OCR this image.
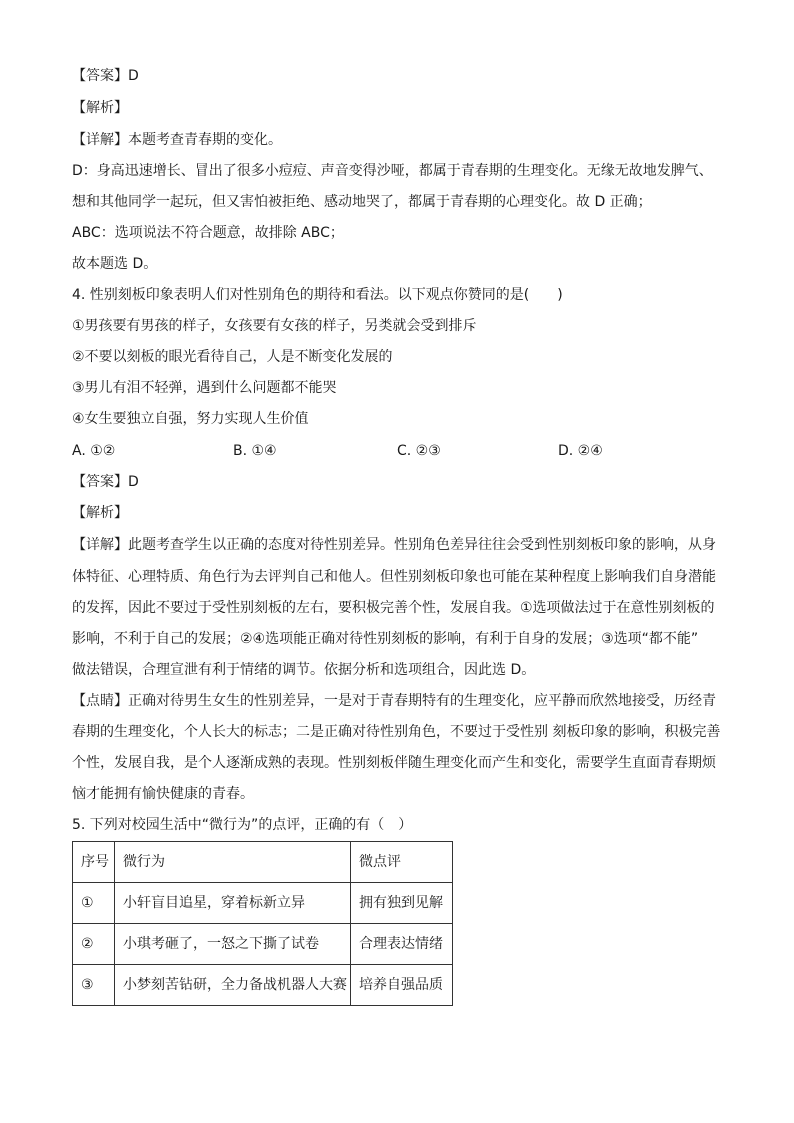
【答案】D
【解析】
【详解】本题考查青春期的变化。
D：身高迅速增长、冒出了很多小痘痘、声音变得沙哑，都属于青春期的生理变化。无缘无故地发脾气、
想和其他同学一起玩，但又害怕被拒绝、感动地哭了，都属于青春期的心理变化。故 D 正确；
ABC：选项说法不符合题意，故排除 ABC；
故本题选 D。
4. 性别刻板印象表明人们对性别角色的期待和看法。以下观点你赞同的是(　　)
①男孩要有男孩的样子，女孩要有女孩的样子，另类就会受到排斥
②不要以刻板的眼光看待自己，人是不断变化发展的
③男儿有泪不轻弹，遇到什么问题都不能哭
④女生要独立自强，努力实现人生价值
A. ①②	B. ①④	C. ②③	D. ②④
【答案】D
【解析】
【详解】此题考查学生以正确的态度对待性别差异。性别角色差异往往会受到性别刻板印象的影响，从身
体特征、心理特质、角色行为去评判自己和他人。但性别刻板印象也可能在某种程度上影响我们自身潜能
的发挥，因此不要过于受性别刻板的左右，要积极完善个性，发展自我。①选项做法过于在意性别刻板的
影响，不利于自己的发展；②④选项能正确对待性别刻板的影响，有利于自身的发展；③选项“都不能”
做法错误，合理宣泄有利于情绪的调节。依据分析和选项组合，因此选 D。
【点睛】正确对待男生女生的性别差异，一是对于青春期特有的生理变化，应平静而欣然地接受，历经青
春期的生理变化，个人长大的标志；二是正确对待性别角色，不要过于受性别 刻板印象的影响，积极完善
个性，发展自我，是个人逐渐成熟的表现。性别刻板伴随生理变化而产生和变化，需要学生直面青春期烦
恼才能拥有愉快健康的青春。
5. 下列对校园生活中“微行为”的点评，正确的有（　）
序号	微行为	微点评
①	小轩盲目追星，穿着标新立异	拥有独到见解
②	小琪考砸了，一怒之下撕了试卷	合理表达情绪
③	小梦刻苦钻研，全力备战机器人大赛	培养自强品质
